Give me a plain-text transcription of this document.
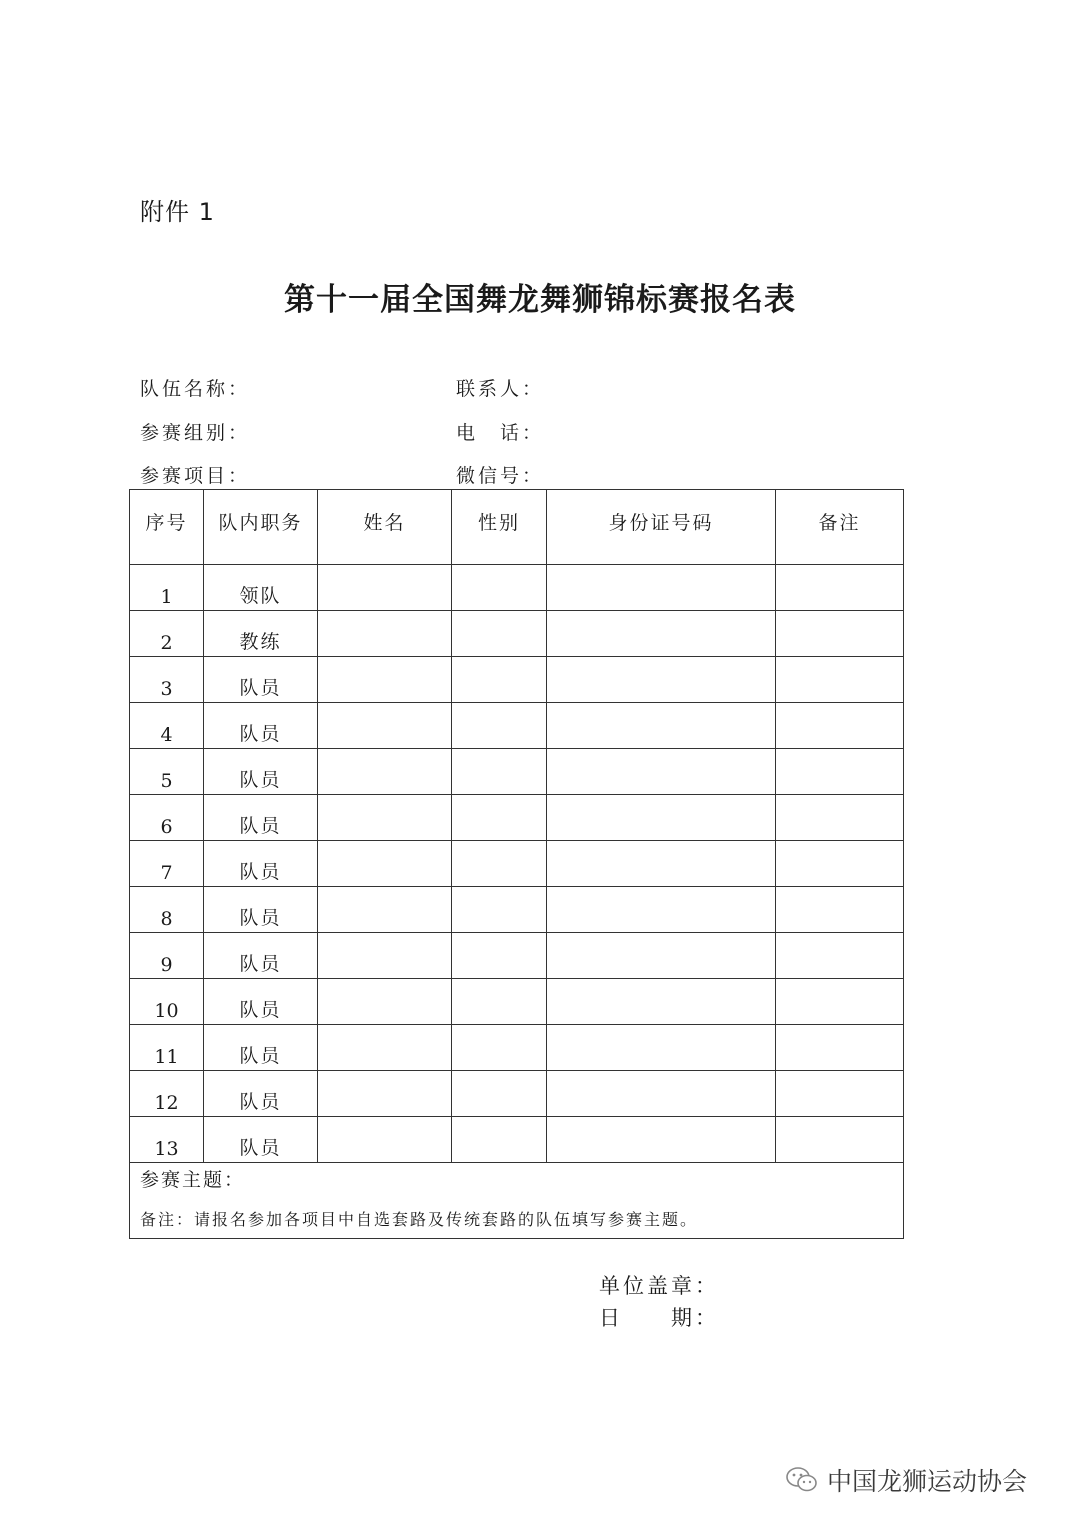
附件 1
第十一届全国舞龙舞狮锦标赛报名表
队伍名称：	联系人：
参赛组别：	电　话：
参赛项目：	微信号：
序号	队内职务	姓名	性别	身份证号码	备注
1	领队				
2	教练				
3	队员				
4	队员				
5	队员				
6	队员				
7	队员				
8	队员				
9	队员				
10	队员				
11	队员				
12	队员				
13	队员				
参赛主题：					
备注：请报名参加各项目中自选套路及传统套路的队伍填写参赛主题。
单位盖章：
日　　期：
中国龙狮运动协会
